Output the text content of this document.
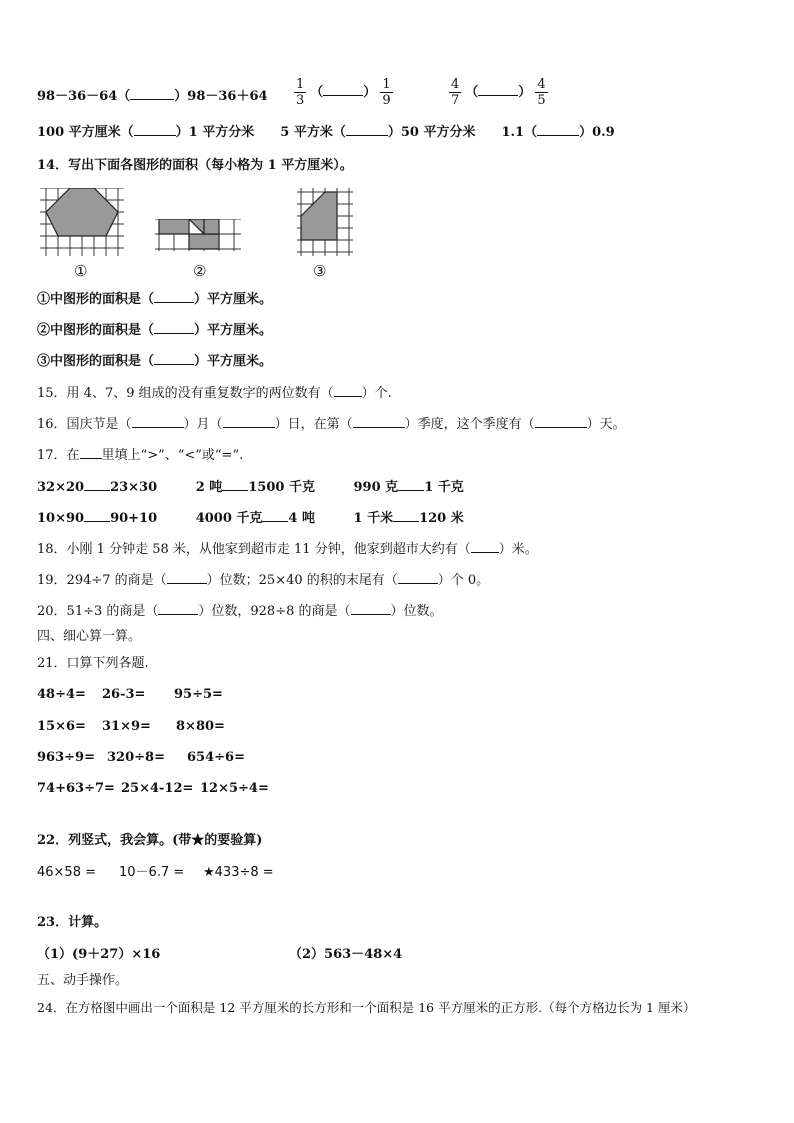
98－36－64（	）$98-36+64 \frac{1}{3}$ （	） $\frac{1}{9}$	$\frac{4}{7}$ （	） $\frac{4}{5}$
100 平方厘米（	）1 平方分米 5 平方米（	）50 平方分米 1.1（	）0.9
14．写出下面各图形的面积（每小格为 1 平方厘米）。
①	②	③
①中图形的面积是（	）平方厘米。
②中图形的面积是（	）平方厘米。
③中图形的面积是（	）平方厘米。
15．用 4、7、9 组成的没有重复数字的两位数有（ ）个.
16．国庆节是（	）月（	）日，在第（	）季度，这个季度有（	）天。
17．在 里填上“>”、“<”或“=”.
32×20 23×30	2 吨 1500 千克	990 克 1 千克
10×90 90+10	4000 千克 4 吨	1 千米 120 米
18．小刚 1 分钟走 58 米，从他家到超市走 11 分钟，他家到超市大约有（ ）米。
19．294÷7 的商是（	）位数；25×40 的积的末尾有（	）个 0。
20．51÷3 的商是（	）位数，928÷8 的商是（	）位数。
四、细心算一算。
21．口算下列各题.
48÷4= 26-3= 95÷5=
15×6= 31×9= 8×80=
963÷9= 320÷8= 654÷6=
74+63÷7= 25×4-12= 12×5÷4=
22．列竖式，我会算。(带★的要验算)
46×58 = 10－6.7 = ★433÷8 =
23．计算。
（1）(9＋27）×16	（2）563－48×4
五、动手操作。
24．在方格图中画出一个面积是 12 平方厘米的长方形和一个面积是 16 平方厘米的正方形.（每个方格边长为 1 厘米）
